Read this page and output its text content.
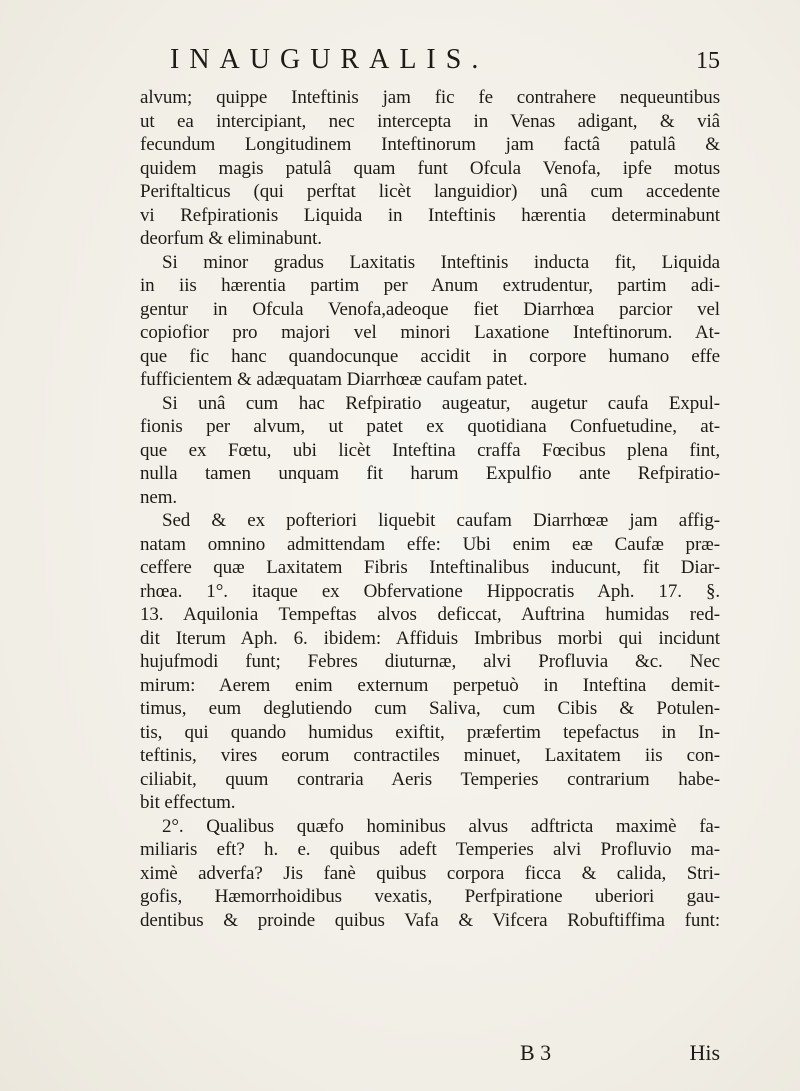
INAUGURALIS.	15
alvum; quippe Inteftinis jam fic fe contrahere nequeuntibus
ut ea intercipiant, nec intercepta in Venas adigant, & viâ
fecundum Longitudinem Inteftinorum jam factâ patulâ &
quidem magis patulâ quam funt Ofcula Venofa, ipfe motus
Periftalticus (qui perftat licèt languidior) unâ cum accedente
vi Refpirationis Liquida in Inteftinis hærentia determinabunt
deorfum & eliminabunt.
Si minor gradus Laxitatis Inteftinis inducta fit, Liquida
in iis hærentia partim per Anum extrudentur, partim adi-
gentur in Ofcula Venofa,adeoque fiet Diarrhœa parcior vel
copiofior pro majori vel minori Laxatione Inteftinorum. At-
que fic hanc quandocunque accidit in corpore humano effe
fufficientem & adæquatam Diarrhœæ caufam patet.
Si unâ cum hac Refpiratio augeatur, augetur caufa Expul-
fionis per alvum, ut patet ex quotidiana Confuetudine, at-
que ex Fœtu, ubi licèt Inteftina craffa Fœcibus plena fint,
nulla tamen unquam fit harum Expulfio ante Refpiratio-
nem.
Sed & ex pofteriori liquebit caufam Diarrhœæ jam affig-
natam omnino admittendam effe: Ubi enim eæ Caufæ præ-
ceffere quæ Laxitatem Fibris Inteftinalibus inducunt, fit Diar-
rhœa. 1°. itaque ex Obfervatione Hippocratis Aph. 17. §.
13. Aquilonia Tempeftas alvos deficcat, Auftrina humidas red-
dit Iterum Aph. 6. ibidem: Affiduis Imbribus morbi qui incidunt
hujufmodi funt; Febres diuturnæ, alvi Profluvia &c. Nec
mirum: Aerem enim externum perpetuò in Inteftina demit-
timus, eum deglutiendo cum Saliva, cum Cibis & Potulen-
tis, qui quando humidus exiftit, præfertim tepefactus in In-
teftinis, vires eorum contractiles minuet, Laxitatem iis con-
ciliabit, quum contraria Aeris Temperies contrarium habe-
bit effectum.
2°. Qualibus quæfo hominibus alvus adftricta maximè fa-
miliaris eft? h. e. quibus adeft Temperies alvi Profluvio ma-
ximè adverfa? Jis fanè quibus corpora ficca & calida, Stri-
gofis, Hæmorrhoidibus vexatis, Perfpiratione uberiori gau-
dentibus & proinde quibus Vafa & Vifcera Robuftiffima funt:
B 3	His
